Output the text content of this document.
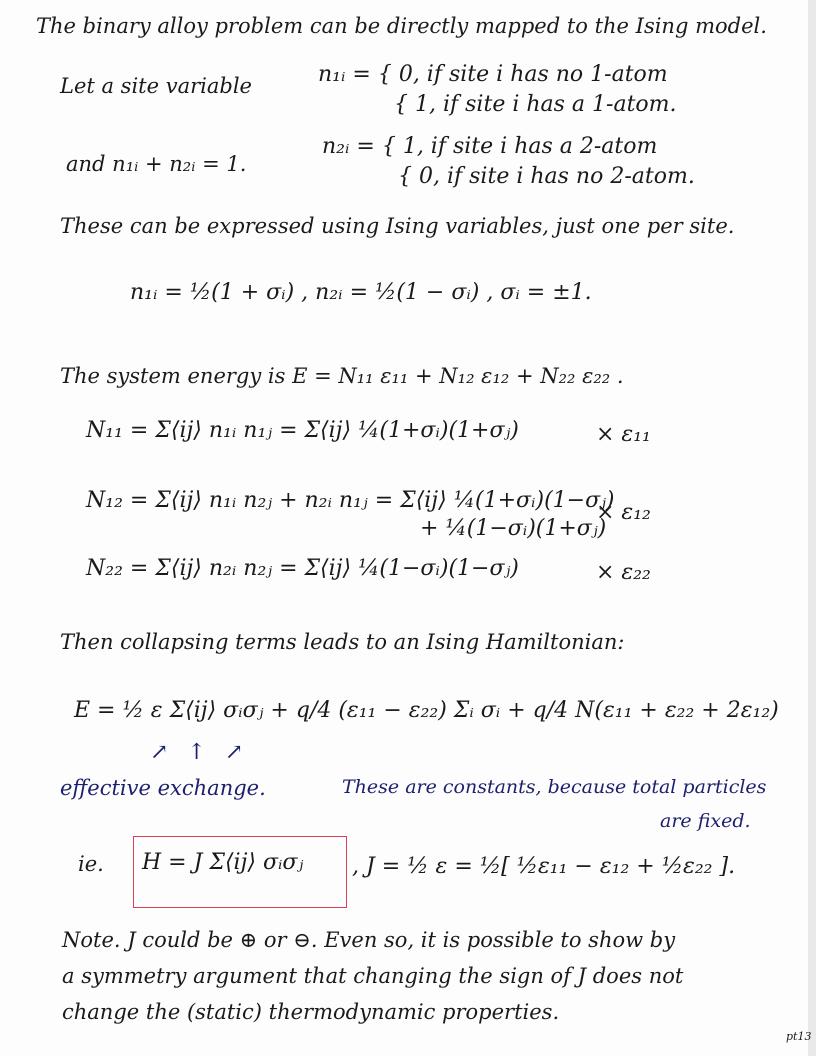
The binary alloy problem can be directly mapped to the Ising model.
Let a site variable	n₁ᵢ = { 0, if site i has no 1-atom
{ 1, if site i has a 1-atom.
and n₁ᵢ + n₂ᵢ = 1.
n₂ᵢ = { 1, if site i has a 2-atom
{ 0, if site i has no 2-atom.
These can be expressed using Ising variables, just one per site.
n₁ᵢ = ½(1 + σᵢ) , n₂ᵢ = ½(1 − σᵢ) , σᵢ = ±1.
The system energy is E = N₁₁ ε₁₁ + N₁₂ ε₁₂ + N₂₂ ε₂₂ .
N₁₁ = Σ⟨ij⟩ n₁ᵢ n₁ⱼ = Σ⟨ij⟩ ¼(1+σᵢ)(1+σⱼ)	× ε₁₁
N₁₂ = Σ⟨ij⟩ n₁ᵢ n₂ⱼ + n₂ᵢ n₁ⱼ = Σ⟨ij⟩ ¼(1+σᵢ)(1−σⱼ)
+ ¼(1−σᵢ)(1+σⱼ)
× ε₁₂
N₂₂ = Σ⟨ij⟩ n₂ᵢ n₂ⱼ = Σ⟨ij⟩ ¼(1−σᵢ)(1−σⱼ)	× ε₂₂
Then collapsing terms leads to an Ising Hamiltonian:
E = ½ ε Σ⟨ij⟩ σᵢσⱼ + q/4 (ε₁₁ − ε₂₂) Σᵢ σᵢ + q/4 N(ε₁₁ + ε₂₂ + 2ε₁₂)
↗ ↑ ↗
effective exchange.	These are constants, because total particles
are fixed.
ie. H = J Σ⟨ij⟩ σᵢσⱼ , J = ½ ε = ½[ ½ε₁₁ − ε₁₂ + ½ε₂₂ ].
Note. J could be ⊕ or ⊖. Even so, it is possible to show by
a symmetry argument that changing the sign of J does not
change the (static) thermodynamic properties.
pt13
